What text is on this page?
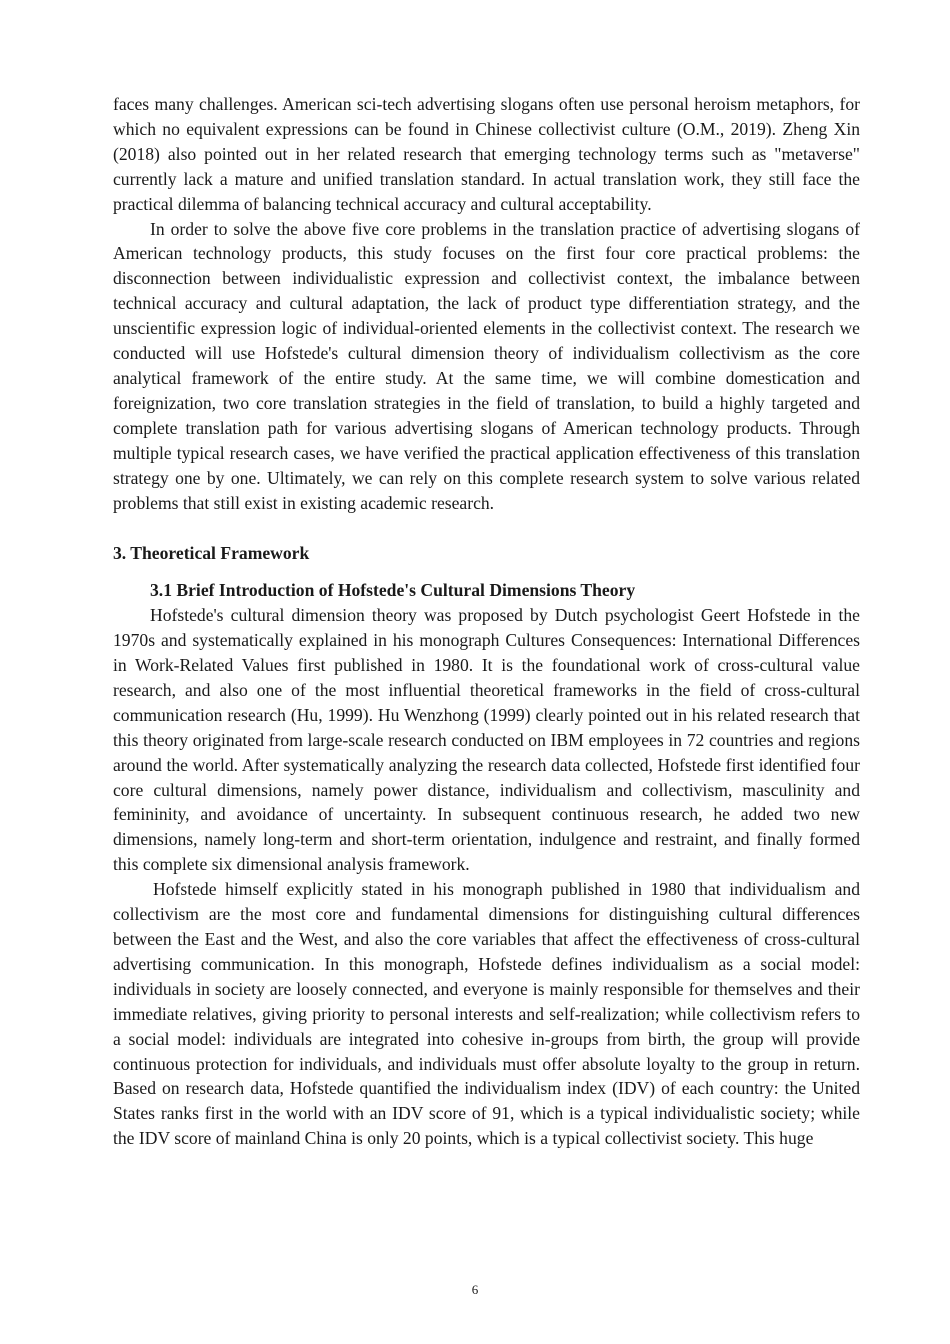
faces many challenges. American sci-tech advertising slogans often use personal heroism metaphors, for which no equivalent expressions can be found in Chinese collectivist culture (O.M., 2019). Zheng Xin (2018) also pointed out in her related research that emerging technology terms such as "metaverse" currently lack a mature and unified translation standard. In actual translation work, they still face the practical dilemma of balancing technical accuracy and cultural acceptability.

In order to solve the above five core problems in the translation practice of advertising slogans of American technology products, this study focuses on the first four core practical problems: the disconnection between individualistic expression and collectivist context, the imbalance between technical accuracy and cultural adaptation, the lack of product type differentiation strategy, and the unscientific expression logic of individual-oriented elements in the collectivist context. The research we conducted will use Hofstede's cultural dimension theory of individualism collectivism as the core analytical framework of the entire study. At the same time, we will combine domestication and foreignization, two core translation strategies in the field of translation, to build a highly targeted and complete translation path for various advertising slogans of American technology products. Through multiple typical research cases, we have verified the practical application effectiveness of this translation strategy one by one. Ultimately, we can rely on this complete research system to solve various related problems that still exist in existing academic research.

3. Theoretical Framework
3.1 Brief Introduction of Hofstede's Cultural Dimensions Theory

Hofstede's cultural dimension theory was proposed by Dutch psychologist Geert Hofstede in the 1970s and systematically explained in his monograph Cultures Consequences: International Differences in Work-Related Values first published in 1980. It is the foundational work of cross-cultural value research, and also one of the most influential theoretical frameworks in the field of cross-cultural communication research (Hu, 1999). Hu Wenzhong (1999) clearly pointed out in his related research that this theory originated from large-scale research conducted on IBM employees in 72 countries and regions around the world. After systematically analyzing the research data collected, Hofstede first identified four core cultural dimensions, namely power distance, individualism and collectivism, masculinity and femininity, and avoidance of uncertainty. In subsequent continuous research, he added two new dimensions, namely long-term and short-term orientation, indulgence and restraint, and finally formed this complete six dimensional analysis framework.

Hofstede himself explicitly stated in his monograph published in 1980 that individualism and collectivism are the most core and fundamental dimensions for distinguishing cultural differences between the East and the West, and also the core variables that affect the effectiveness of cross-cultural advertising communication. In this monograph, Hofstede defines individualism as a social model: individuals in society are loosely connected, and everyone is mainly responsible for themselves and their immediate relatives, giving priority to personal interests and self-realization; while collectivism refers to a social model: individuals are integrated into cohesive in-groups from birth, the group will provide continuous protection for individuals, and individuals must offer absolute loyalty to the group in return. Based on research data, Hofstede quantified the individualism index (IDV) of each country: the United States ranks first in the world with an IDV score of 91, which is a typical individualistic society; while the IDV score of mainland China is only 20 points, which is a typical collectivist society. This huge

6
